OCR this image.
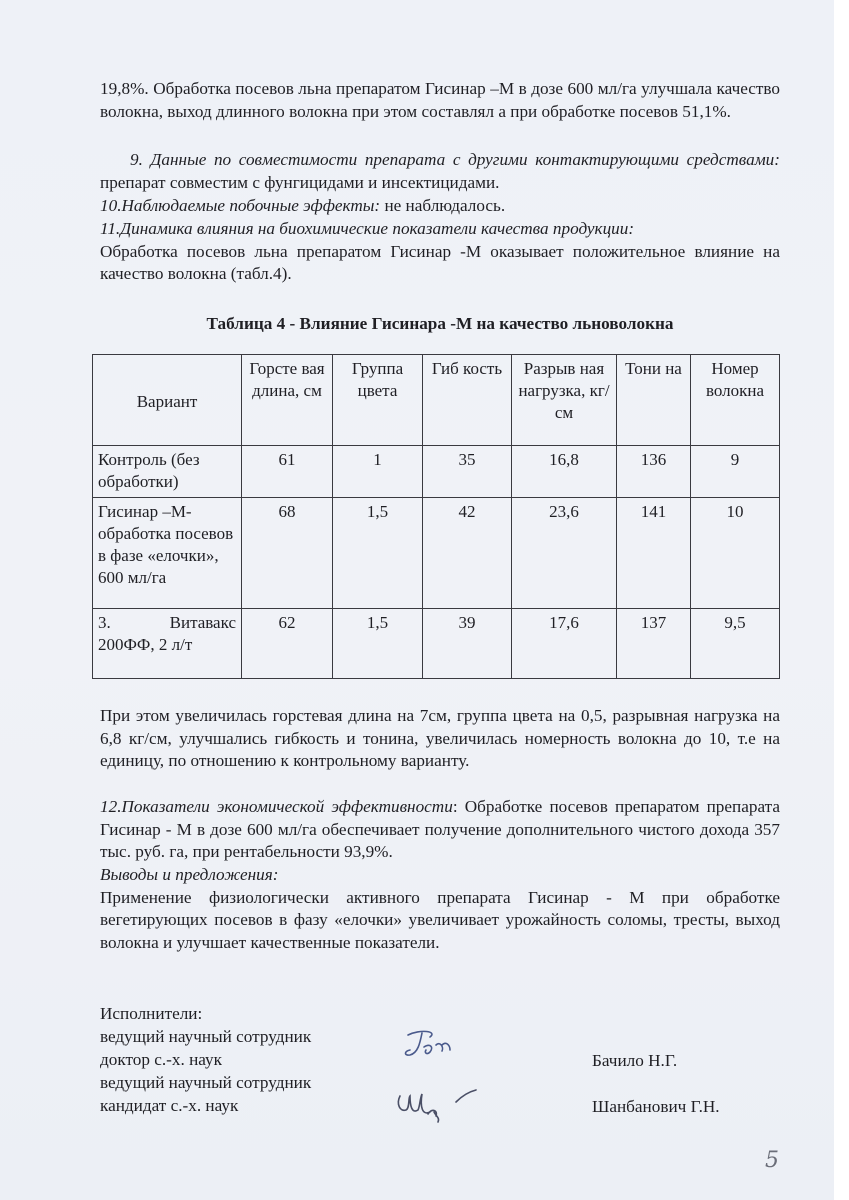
19,8%. Обработка посевов льна препаратом Гисинар –М в дозе 600 мл/га улучшала качество волокна, выход длинного волокна при этом составлял а при обработке посевов 51,1%.
9. Данные по совместимости препарата с другими контактирующими средствами: препарат совместим с фунгицидами и инсектицидами.
10.Наблюдаемые побочные эффекты: не наблюдалось.
11.Динамика влияния на биохимические показатели качества продукции:
Обработка посевов льна препаратом Гисинар -М оказывает положительное влияние на качество волокна (табл.4).
Таблица 4 - Влияние Гисинара -М на качество льноволокна
Вариант	Горсте вая длина, см	Группа цвета	Гиб кость	Разрыв ная нагрузка, кг/см	Тони на	Номер волокна
Контроль (без обработки)	61	1	35	16,8	136	9
Гисинар –М-обработка посевов в фазе «елочки», 600 мл/га	68	1,5	42	23,6	141	10
3. Витавакс 200ФФ, 2 л/т	62	1,5	39	17,6	137	9,5
При этом увеличилась горстевая длина на 7см, группа цвета на 0,5, разрывная нагрузка на 6,8 кг/см, улучшались гибкость и тонина, увеличилась номерность волокна до 10, т.е на единицу, по отношению к контрольному варианту.
12.Показатели экономической эффективности: Обработке посевов препаратом препарата Гисинар - М в дозе 600 мл/га обеспечивает получение дополнительного чистого дохода 357 тыс. руб. га, при рентабельности 93,9%.
Выводы и предложения:
Применение физиологически активного препарата Гисинар - М при обработке вегетирующих посевов в фазу «елочки» увеличивает урожайность соломы, тресты, выход волокна и улучшает качественные показатели.
Исполнители:
ведущий научный сотрудник
доктор с.-х. наук
ведущий научный сотрудник
кандидат с.-х. наук
Бачило Н.Г.
Шанбанович Г.Н.
5
